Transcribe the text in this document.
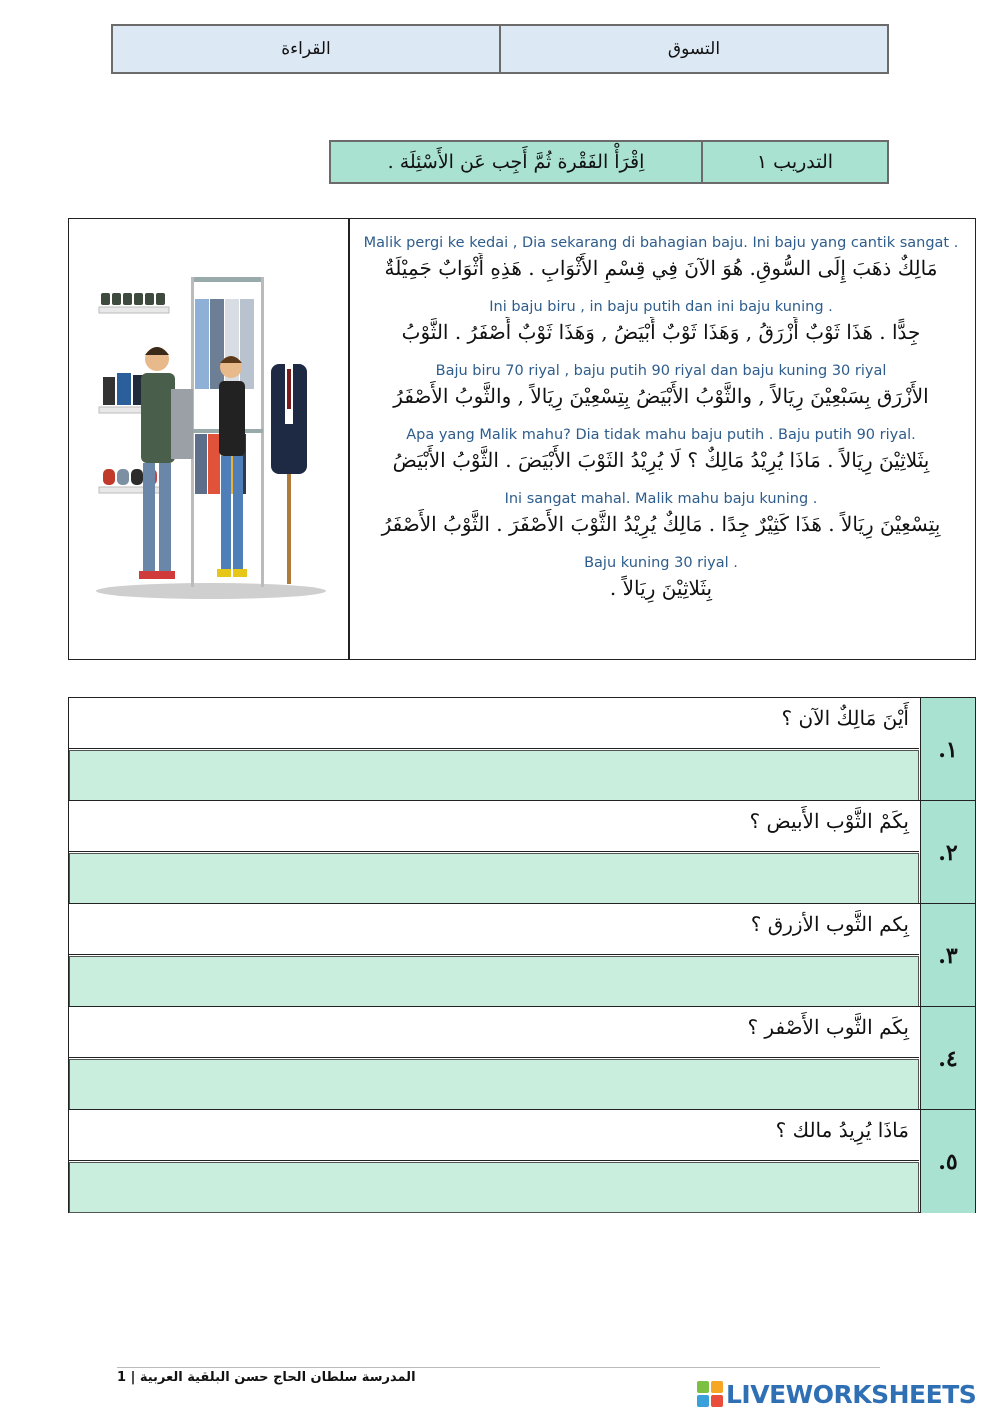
القراءة	التسوق
اِقْرَأْ الفَقْرة ثُمَّ أَجِب عَن الأَسْئِلَة .	التدريب ١
Malik pergi ke kedai , Dia sekarang di bahagian baju. Ini baju yang cantik sangat .
مَالِكٌ ذهَبَ إِلَى السُّوقِ. هُوَ الآنَ فِي قِسْمِ الأَثْوَابِ . هَذِهِ أَثْوَابٌ جَمِيْلَةٌ
Ini baju biru , in baju putih dan ini baju kuning .
جِدًّا . هَذَا ثَوْبٌ أَزْرَقُ , وَهَذَا ثَوْبٌ أَبْيَضُ , وَهَذَا ثَوْبٌ أَصْفَرُ . الثَّوْبُ
Baju biru 70 riyal , baju putih 90 riyal dan baju kuning 30 riyal
الأَزْرَق بِسَبْعِيْنَ رِيَالاً , والثَّوْبُ الأَبْيَضُ بِتِسْعِيْنَ رِيَالاً , والثَّوبُ الأَصْفَرُ
Apa yang Malik mahu? Dia tidak mahu baju putih . Baju putih 90 riyal.
بِثَلاثِيْنَ رِيَالاً . مَاذَا يُرِيْدُ مَالِكٌ ؟ لَا يُرِيْدُ الثَوْبَ الأَبْيَضَ . الثَّوْبُ الأَبْيَضُ
Ini sangat mahal. Malik mahu baju kuning .
بِتِسْعِيْنَ رِيَالاً . هَذَا كَثِيْرٌ جِدًا . مَالِكٌ يُرِيْدُ الثَّوْبَ الأَصْفَرَ . الثَّوْبُ الأَصْفَرُ
Baju kuning 30 riyal .
بِثَلاثِيْنَ رِيَالاً .
أَيْنَ مَالِكٌ الآن ؟
١.
بِكَمْ الثَّوْب الأَبيض ؟
٢.
بِكم الثَّوب الأزرق ؟
٣.
بِكَم الثَّوب الأَصْفر ؟
٤.
مَاذَا يُرِيدُ مالك ؟
٥.
1 | المدرسة سلطان الحاج حسن البلقية العربية
LIVEWORKSHEETS
